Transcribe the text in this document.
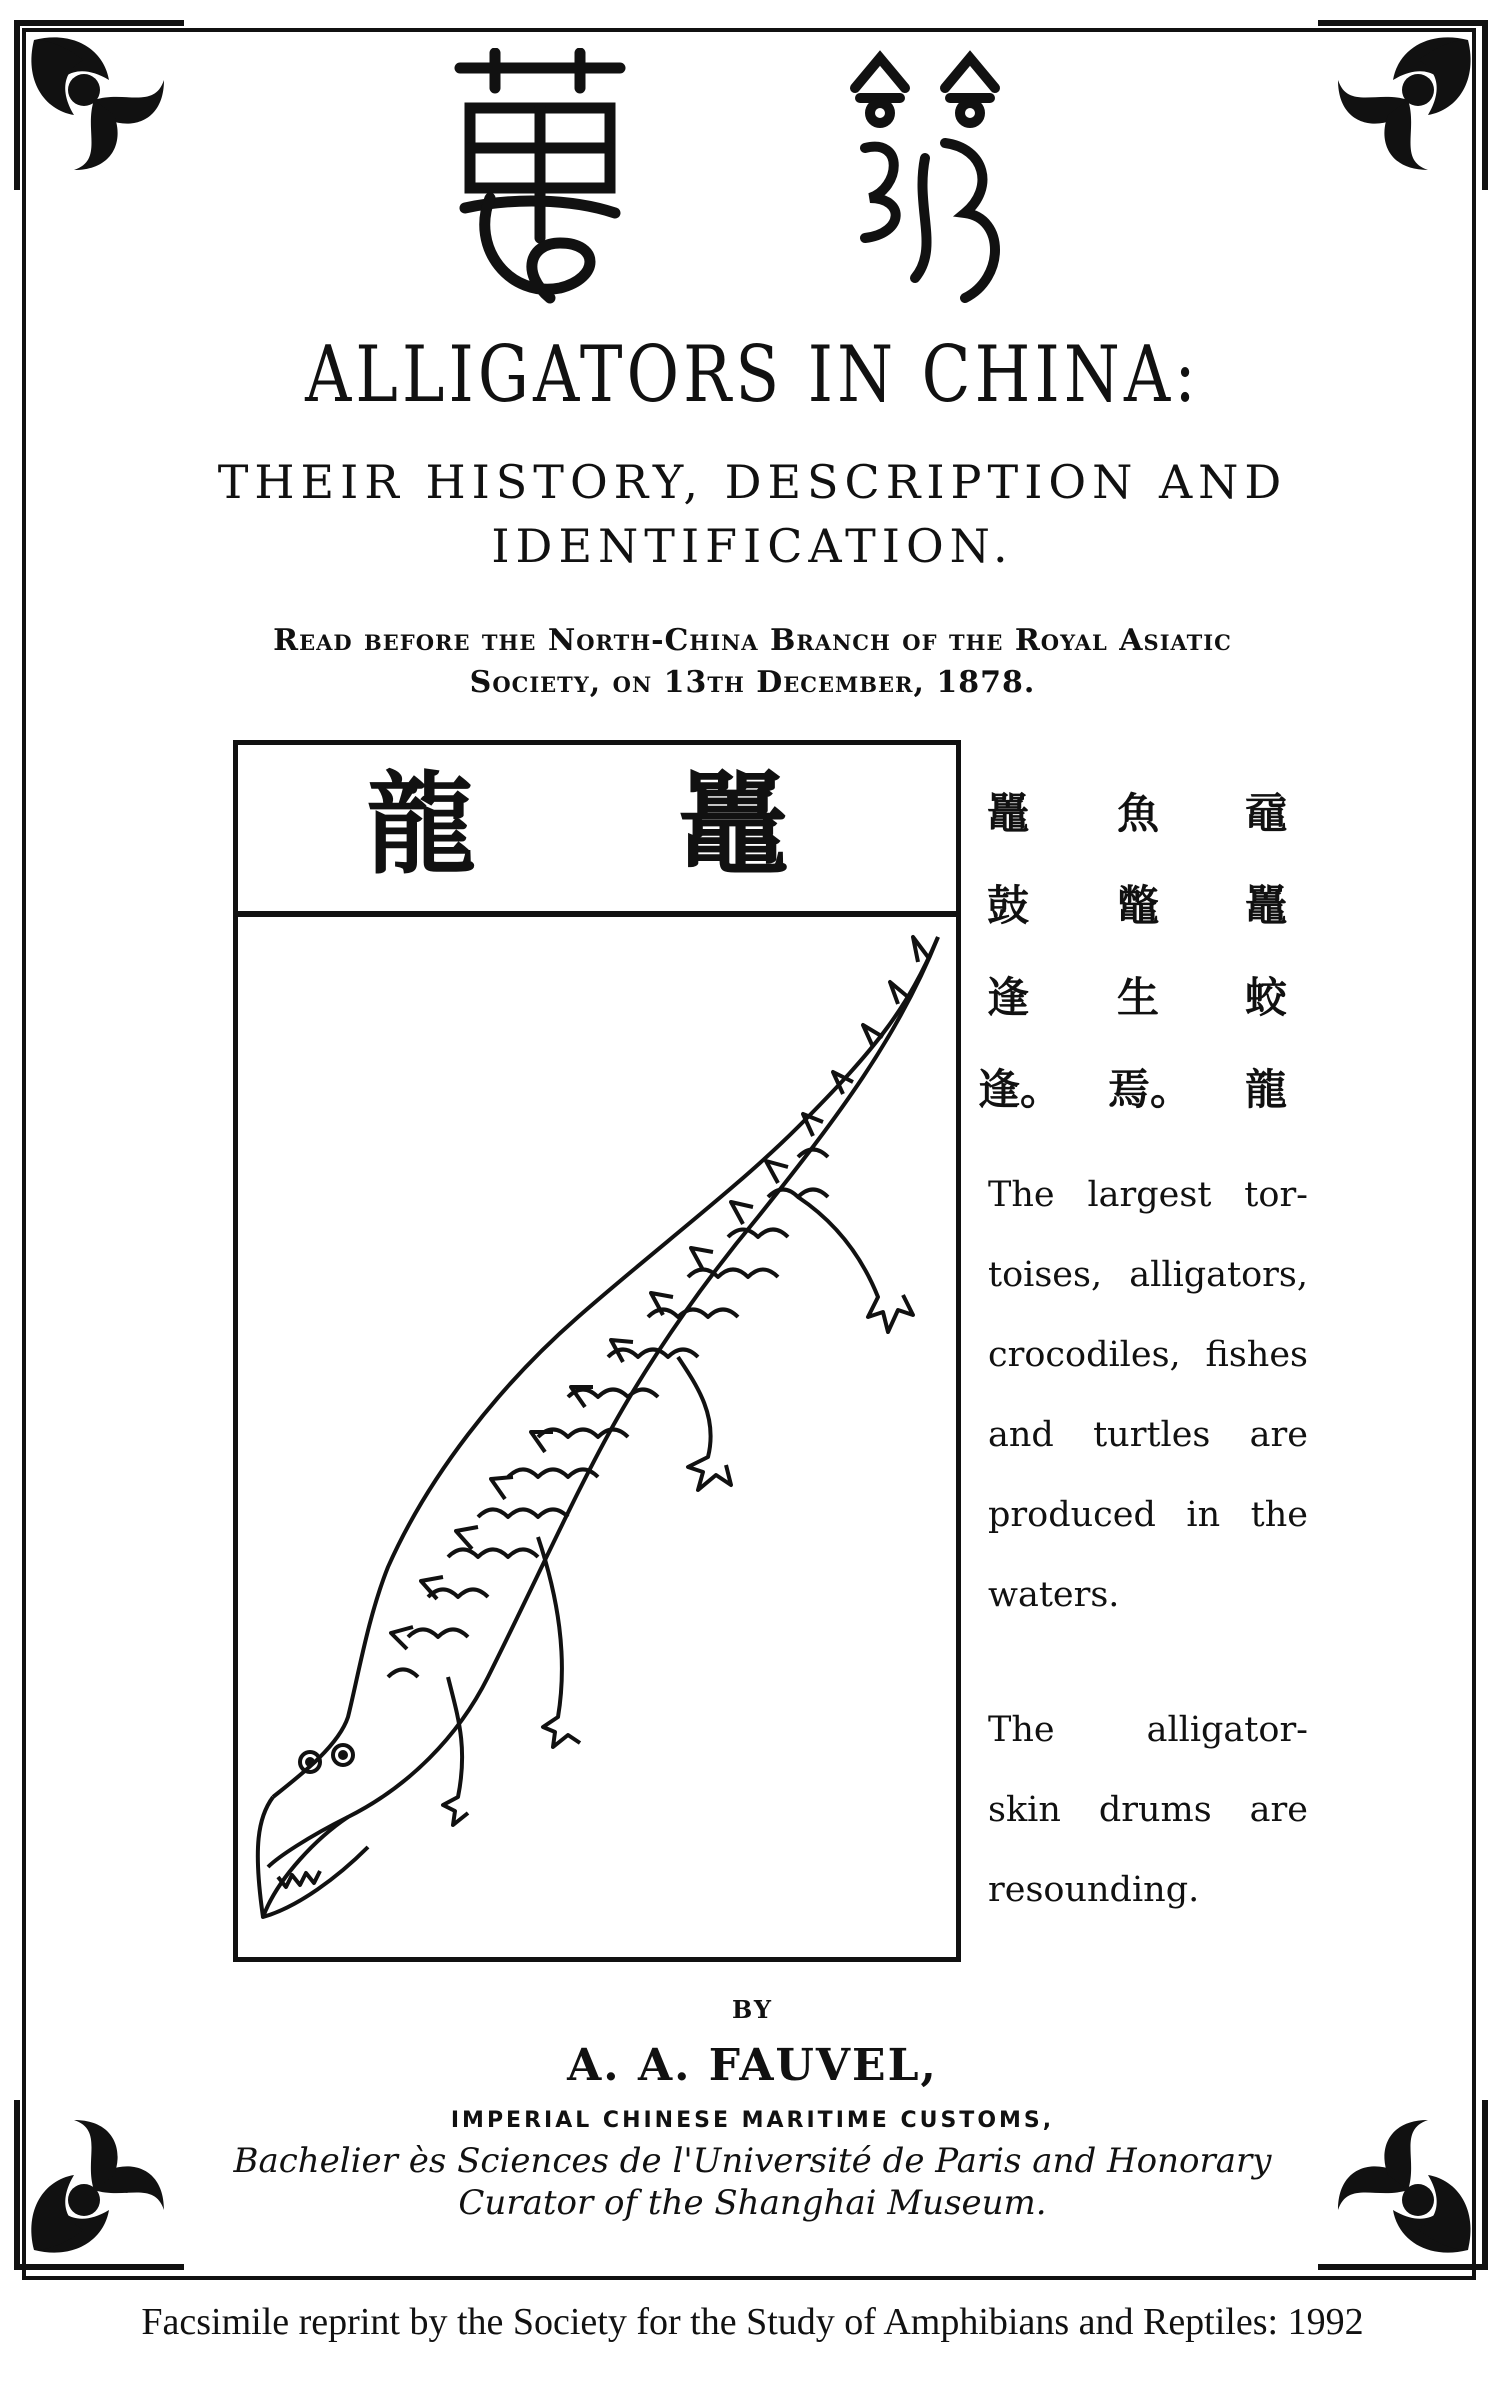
ALLIGATORS IN CHINA:
THEIR HISTORY, DESCRIPTION AND
IDENTIFICATION.
Read before the North-China Branch of the Royal Asiatic
Society, on 13th December, 1878.
龍 鼉	鼉
鼓
逢
逢。
魚
鼈
生
焉。
黿
鼉
蛟
龍
The largest tor-
toises, alligators,
crocodiles, fishes
and turtles are
produced in the
waters.
The alligator-
skin drums are
resounding.
BY
A. A. FAUVEL,
IMPERIAL CHINESE MARITIME CUSTOMS,
Bachelier ès Sciences de l'Université de Paris and Honorary
Curator of the Shanghai Museum.
Facsimile reprint by the Society for the Study of Amphibians and Reptiles: 1992
